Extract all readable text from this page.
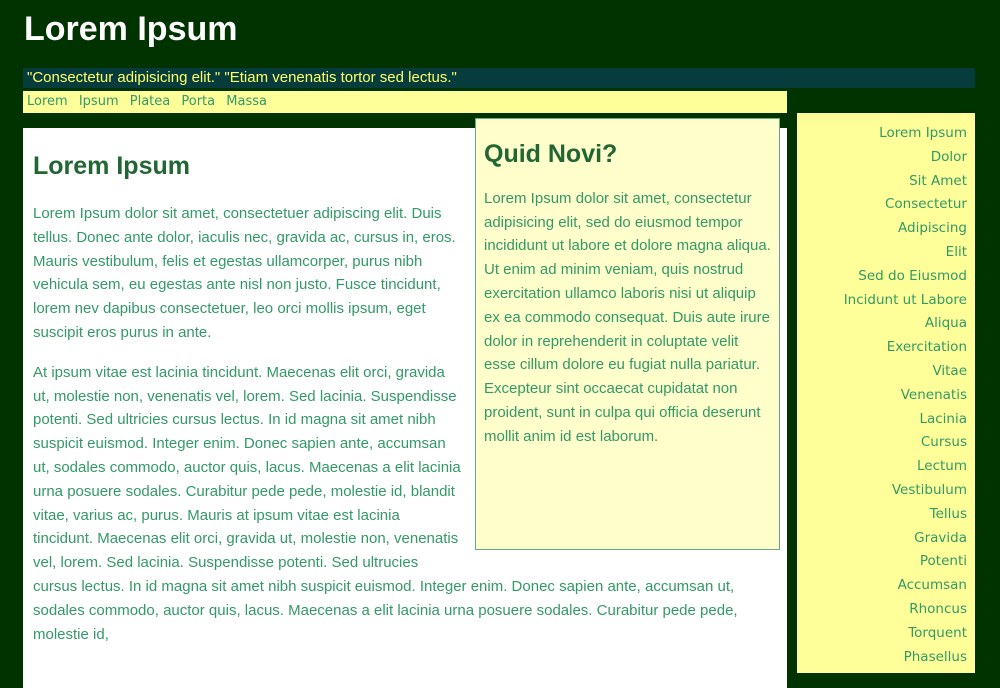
Lorem Ipsum
"Consectetur adipisicing elit." "Etiam venenatis tortor sed lectus."
Lorem Ipsum Platea Porta Massa
Lorem Ipsum	Quid Novi?

Lorem Ipsum dolor sit amet, consectetur adipisicing elit, sed do eiusmod tempor incididunt ut labore et dolore magna aliqua. Ut enim ad minim veniam, quis nostrud exercitation ullamco laboris nisi ut aliquip ex ea commodo consequat. Duis aute irure dolor in reprehenderit in coluptate velit esse cillum dolore eu fugiat nulla pariatur. Excepteur sint occaecat cupidatat non proident, sunt in culpa qui officia deserunt mollit anim id est laborum.

Lorem Ipsum dolor sit amet, consectetuer adipiscing elit. Duis tellus. Donec ante dolor, iaculis nec, gravida ac, cursus in, eros. Mauris vestibulum, felis et egestas ullamcorper, purus nibh vehicula sem, eu egestas ante nisl non justo. Fusce tincidunt, lorem nev dapibus consectetuer, leo orci mollis ipsum, eget suscipit eros purus in ante.

At ipsum vitae est lacinia tincidunt. Maecenas elit orci, gravida ut, molestie non, venenatis vel, lorem. Sed lacinia. Suspendisse potenti. Sed ultricies cursus lectus. In id magna sit amet nibh suspicit euismod. Integer enim. Donec sapien ante, accumsan ut, sodales commodo, auctor quis, lacus. Maecenas a elit lacinia urna posuere sodales. Curabitur pede pede, molestie id, blandit vitae, varius ac, purus. Mauris at ipsum vitae est lacinia tincidunt. Maecenas elit orci, gravida ut, molestie non, venenatis vel, lorem. Sed lacinia. Suspendisse potenti. Sed ultrucies cursus lectus. In id magna sit amet nibh suspicit euismod. Integer enim. Donec sapien ante, accumsan ut, sodales commodo, auctor quis, lacus. Maecenas a elit lacinia urna posuere sodales. Curabitur pede pede, molestie id,

Lorem Ipsum
Dolor
Sit Amet
Consectetur
Adipiscing
Elit
Sed do Eiusmod
Incidunt ut Labore
Aliqua
Exercitation
Vitae
Venenatis
Lacinia
Cursus
Lectum
Vestibulum
Tellus
Gravida
Potenti
Accumsan
Rhoncus
Torquent
Phasellus
